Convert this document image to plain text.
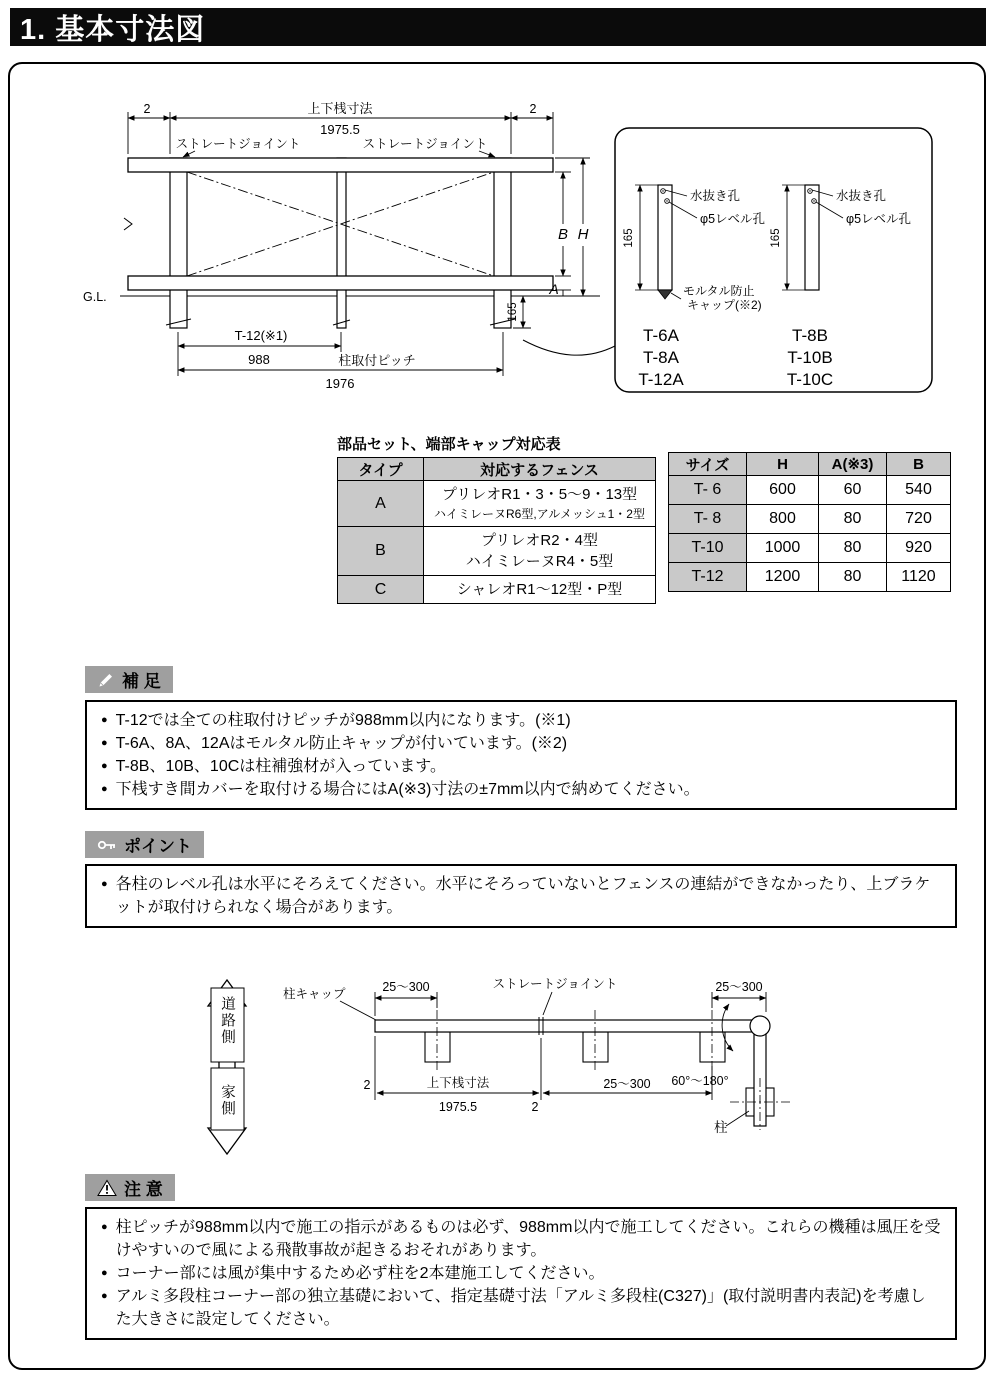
1. 基本寸法図
G.L.
2	上下桟寸法
1975.5
2
ストレートジョイント	ストレートジョイント
B H
A
165
T-12(※1)
988	柱取付ピッチ
1976
水抜き孔
φ5レベル孔
165
モルタル防止
キャップ(※2)
T-6A
T-8A
T-12A
水抜き孔
φ5レベル孔
165
T-8B
T-10B
T-10C
部品セット、端部キャップ対応表
タイプ	対応するフェンス
A	プリレオR1・3・5〜9・13型
ハイミレーヌR6型,アルメッシュ1・2型

B	プリレオR2・4型
ハイミレーヌR4・5型

C	シャレオR1〜12型・P型
サイズ	H	A(※3)	B
T- 6	600	60	540
T- 8	800	80	720
T-10	1000	80	920
T-12	1200	80	1120
補 足
● T-12では全ての柱取付けピッチが988mm以内になります。(※1)
● T-6A、8A、12Aはモルタル防止キャップが付いています。(※2)
● T-8B、10B、10Cは柱補強材が入っています。
● 下桟すき間カバーを取付ける場合にはA(※3)寸法の±7mm以内で納めてください。
ポイント
● 各柱のレベル孔は水平にそろえてください。水平にそろっていないとフェンスの連結ができなかったり、上ブラケットが取付けられなく場合があります。
道路側
家側
25〜300	25〜300
ストレートジョイント
柱キャップ
2	上下桟寸法
1975.5	2
25〜300 60°〜180°
柱
注 意
● 柱ピッチが988mm以内で施工の指示があるものは必ず、988mm以内で施工してください。これらの機種は風圧を受けやすいので風による飛散事故が起きるおそれがあります。
● コーナー部には風が集中するため必ず柱を2本建施工してください。
● アルミ多段柱コーナー部の独立基礎において、指定基礎寸法「アルミ多段柱(C327)」(取付説明書内表記)を考慮した大きさに設定してください。
